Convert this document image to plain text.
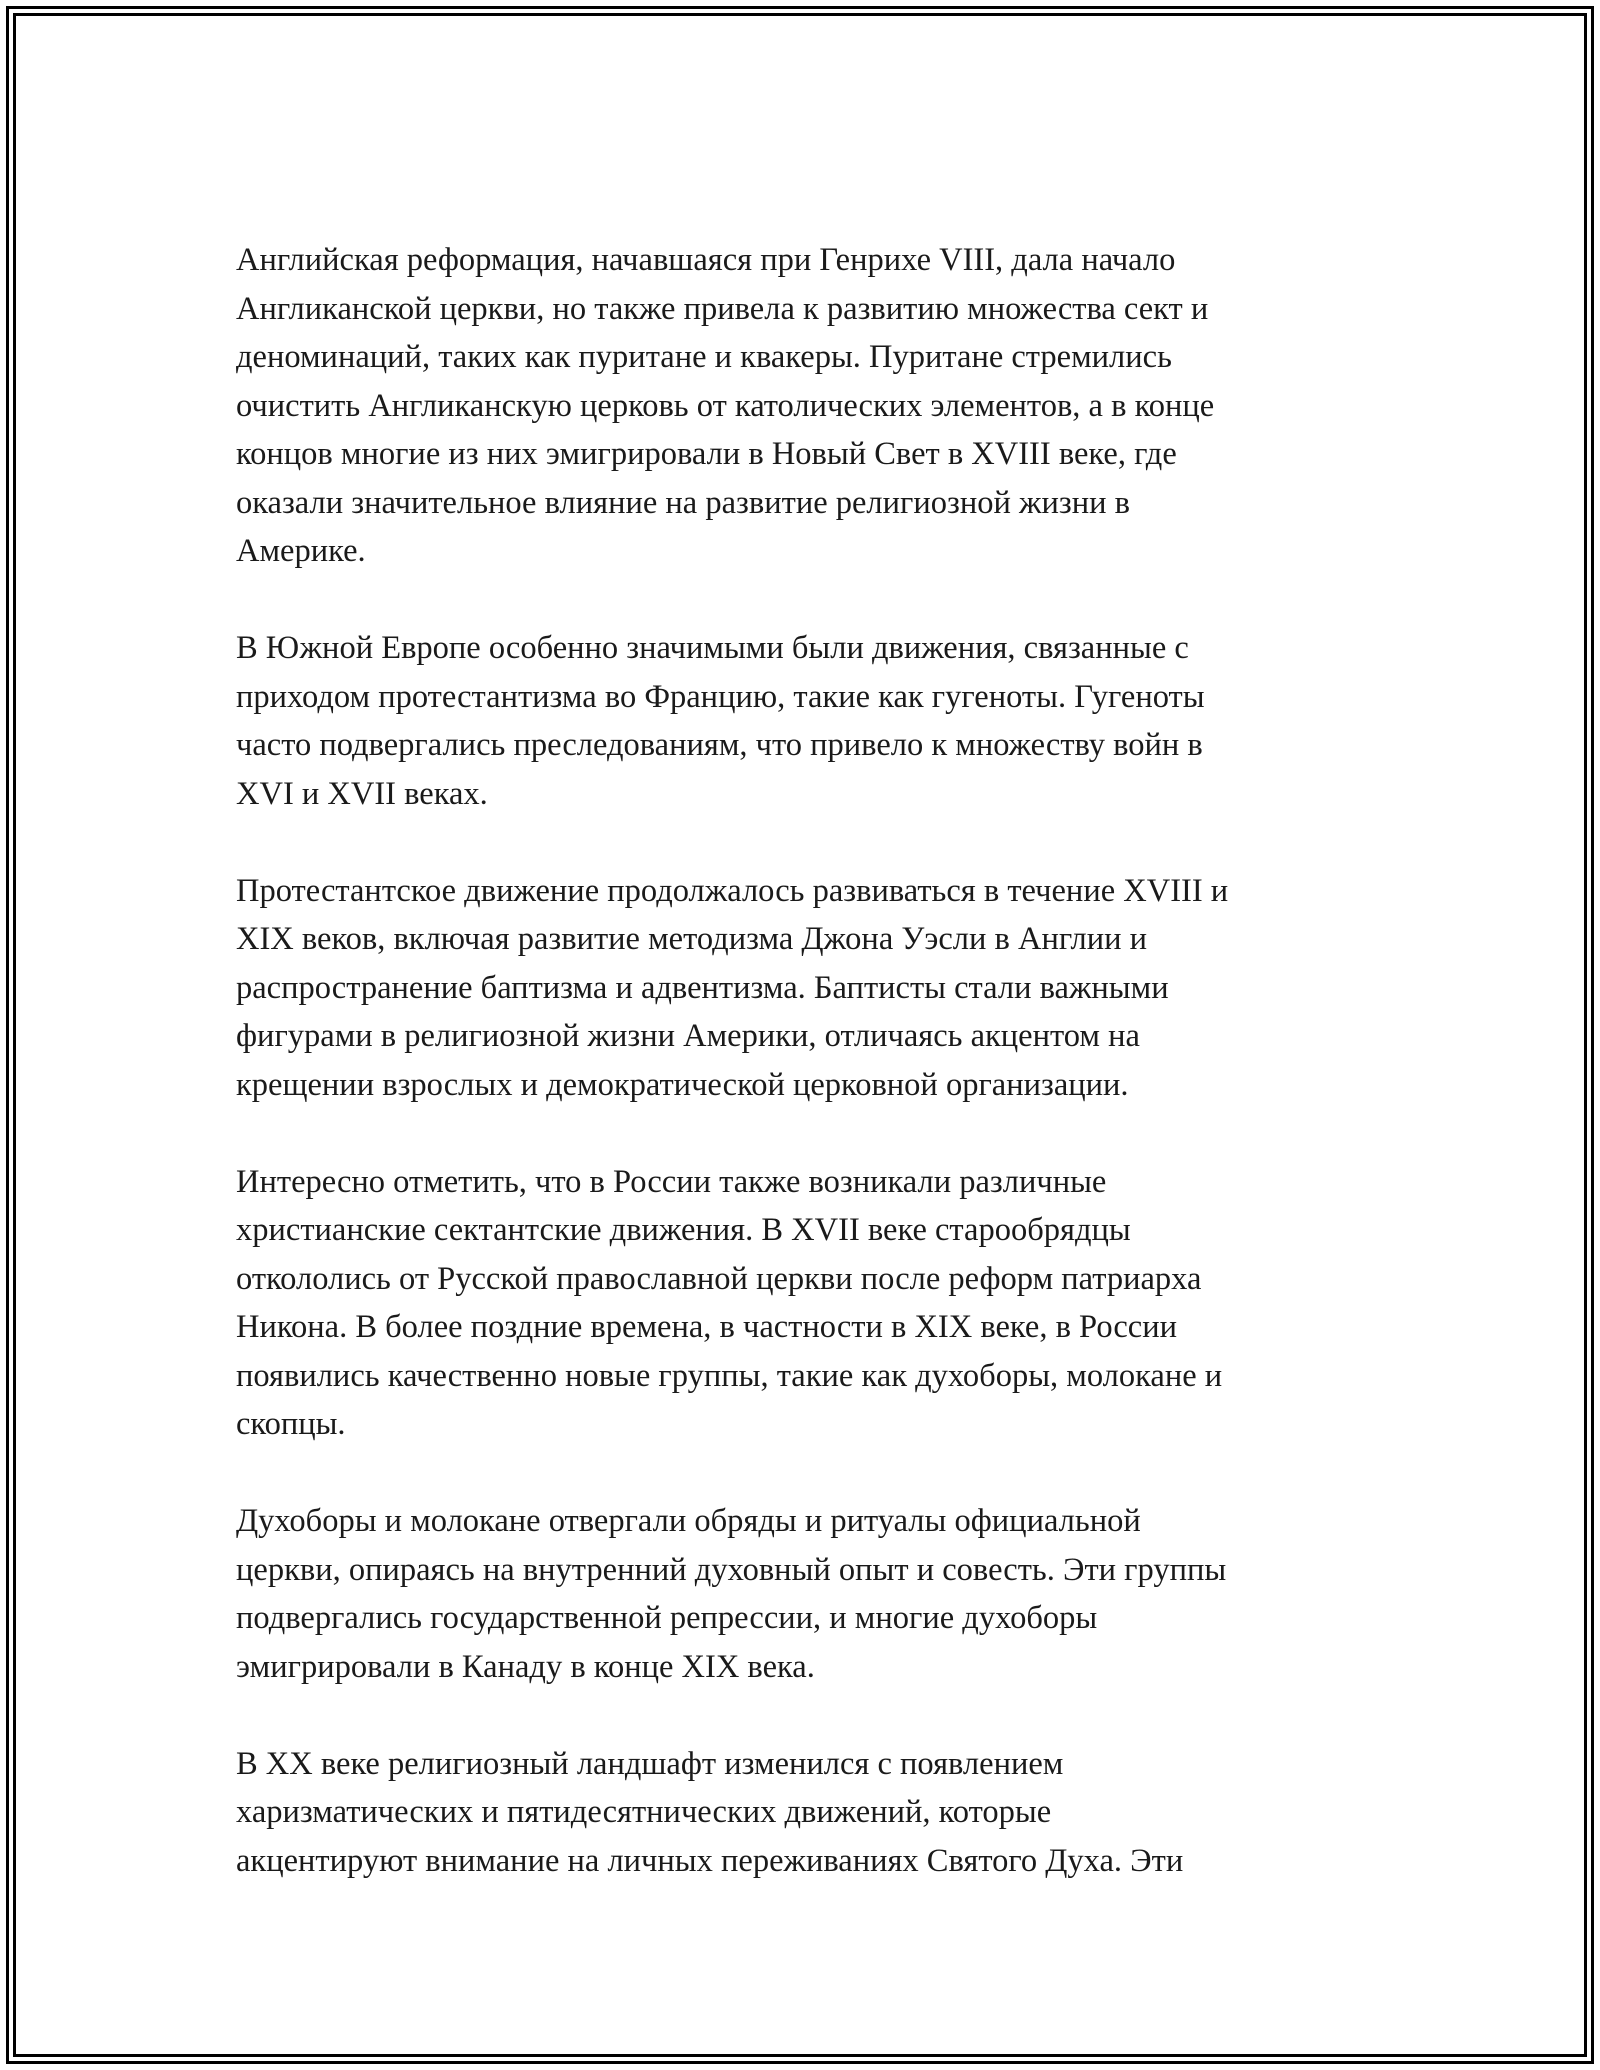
Английская реформация, начавшаяся при Генрихе VIII, дала начало
Англиканской церкви, но также привела к развитию множества сект и
деноминаций, таких как пуритане и квакеры. Пуритане стремились
очистить Англиканскую церковь от католических элементов, а в конце
концов многие из них эмигрировали в Новый Свет в XVIII веке, где
оказали значительное влияние на развитие религиозной жизни в
Америке.

В Южной Европе особенно значимыми были движения, связанные с
приходом протестантизма во Францию, такие как гугеноты. Гугеноты
часто подвергались преследованиям, что привело к множеству войн в
XVI и XVII веках.

Протестантское движение продолжалось развиваться в течение XVIII и
XIX веков, включая развитие методизма Джона Уэсли в Англии и
распространение баптизма и адвентизма. Баптисты стали важными
фигурами в религиозной жизни Америки, отличаясь акцентом на
крещении взрослых и демократической церковной организации.

Интересно отметить, что в России также возникали различные
христианские сектантские движения. В XVII веке старообрядцы
откололись от Русской православной церкви после реформ патриарха
Никона. В более поздние времена, в частности в XIX веке, в России
появились качественно новые группы, такие как духоборы, молокане и
скопцы.

Духоборы и молокане отвергали обряды и ритуалы официальной
церкви, опираясь на внутренний духовный опыт и совесть. Эти группы
подвергались государственной репрессии, и многие духоборы
эмигрировали в Канаду в конце XIX века.

В XX веке религиозный ландшафт изменился с появлением
харизматических и пятидесятнических движений, которые
акцентируют внимание на личных переживаниях Святого Духа. Эти
